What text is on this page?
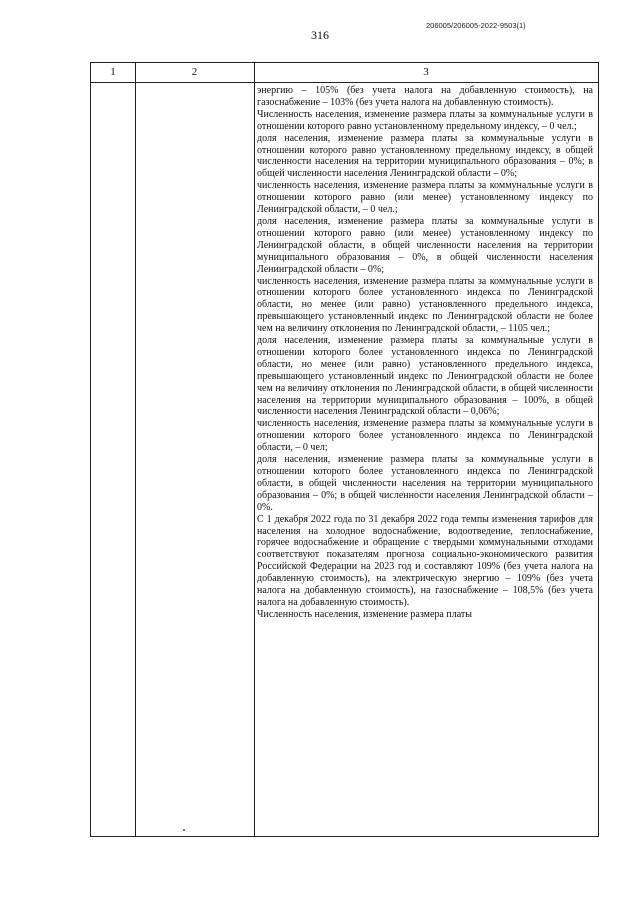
316
206005/206005-2022-9503(1)
1	2	3

энергию – 105% (без учета налога на добавленную стоимость), на газоснабжение – 103% (без учета налога на добавленную стоимость).

Численность населения, изменение размера платы за коммунальные услуги в отношении которого равно установленному предельному индексу, – 0 чел.;

доля населения, изменение размера платы за коммунальные услуги в отношении которого равно установленному предельному индексу, в общей численности населения на территории муниципального образования – 0%; в общей численности населения Ленинградской области – 0%;

численность населения, изменение размера платы за коммунальные услуги в отношении которого равно (или менее) установленному индексу по Ленинградской области, – 0 чел.;

доля населения, изменение размера платы за коммунальные услуги в отношении которого равно (или менее) установленному индексу по Ленинградской области, в общей численности населения на территории муниципального образования – 0%, в общей численности населения Ленинградской области – 0%;

численность населения, изменение размера платы за коммунальные услуги в отношении которого более установленного индекса по Ленинградской области, но менее (или равно) установленного предельного индекса, превышающего установленный индекс по Ленинградской области не более чем на величину отклонения по Ленинградской области, – 1105 чел.;

доля населения, изменение размера платы за коммунальные услуги в отношении которого более установленного индекса по Ленинградской области, но менее (или равно) установленного предельного индекса, превышающего установленный индекс по Ленинградской области не более чем на величину отклонения по Ленинградской области, в общей численности населения на территории муниципального образования – 100%, в общей численности населения Ленинградской области – 0,06%;

численность населения, изменение размера платы за коммунальные услуги в отношении которого более установленного индекса по Ленинградской области, – 0 чел;

доля населения, изменение размера платы за коммунальные услуги в отношении которого более установленного индекса по Ленинградской области, в общей численности населения на территории муниципального образования – 0%; в общей численности населения Ленинградской области – 0%.

С 1 декабря 2022 года по 31 декабря 2022 года темпы изменения тарифов для населения на холодное водоснабжение, водоотведение, теплоснабжение, горячее водоснабжение и обращение с твердыми коммунальными отходами соответствуют показателям прогноза социально-экономического развития Российской Федерации на 2023 год и составляют 109% (без учета налога на добавленную стоимость), на электрическую энергию – 109% (без учета налога на добавленную стоимость), на газоснабжение – 108,5% (без учета налога на добавленную стоимость).

Численность населения, изменение размера платы
